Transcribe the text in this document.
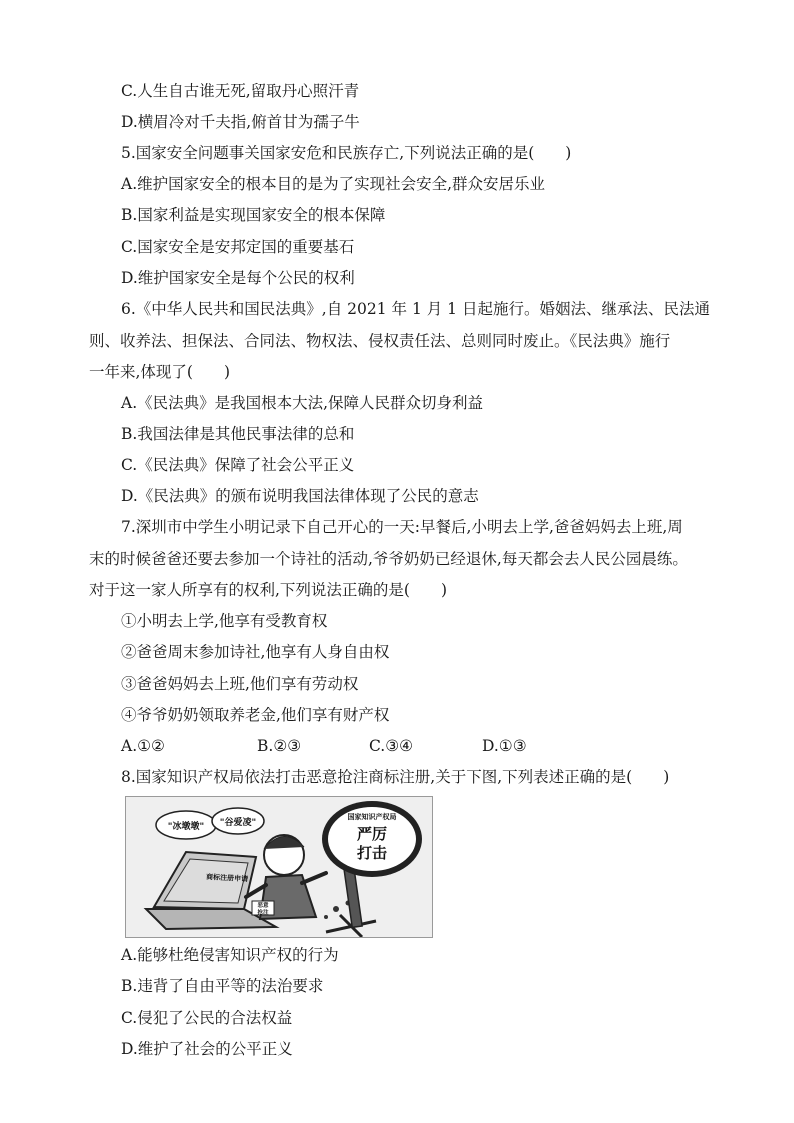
C.人生自古谁无死,留取丹心照汗青
D.横眉冷对千夫指,俯首甘为孺子牛
5.国家安全问题事关国家安危和民族存亡,下列说法正确的是(　　)
A.维护国家安全的根本目的是为了实现社会安全,群众安居乐业
B.国家利益是实现国家安全的根本保障
C.国家安全是安邦定国的重要基石
D.维护国家安全是每个公民的权利
6.《中华人民共和国民法典》,自 2021 年 1 月 1 日起施行。婚姻法、继承法、民法通
则、收养法、担保法、合同法、物权法、侵权责任法、总则同时废止。《民法典》施行
一年来,体现了(　　)
A.《民法典》是我国根本大法,保障人民群众切身利益
B.我国法律是其他民事法律的总和
C.《民法典》保障了社会公平正义
D.《民法典》的颁布说明我国法律体现了公民的意志
7.深圳市中学生小明记录下自己开心的一天:早餐后,小明去上学,爸爸妈妈去上班,周
末的时候爸爸还要去参加一个诗社的活动,爷爷奶奶已经退休,每天都会去人民公园晨练。
对于这一家人所享有的权利,下列说法正确的是(　　)
①小明去上学,他享有受教育权
②爸爸周末参加诗社,他享有人身自由权
③爸爸妈妈去上班,他们享有劳动权
④爷爷奶奶领取养老金,他们享有财产权
A.①②	B.②③	C.③④	D.①③
8.国家知识产权局依法打击恶意抢注商标注册,关于下图,下列表述正确的是(　　)
"冰墩墩" "谷爱凌"
商标注册申请
恶意
抢注
国家知识产权局
严厉
打击
A.能够杜绝侵害知识产权的行为
B.违背了自由平等的法治要求
C.侵犯了公民的合法权益
D.维护了社会的公平正义
